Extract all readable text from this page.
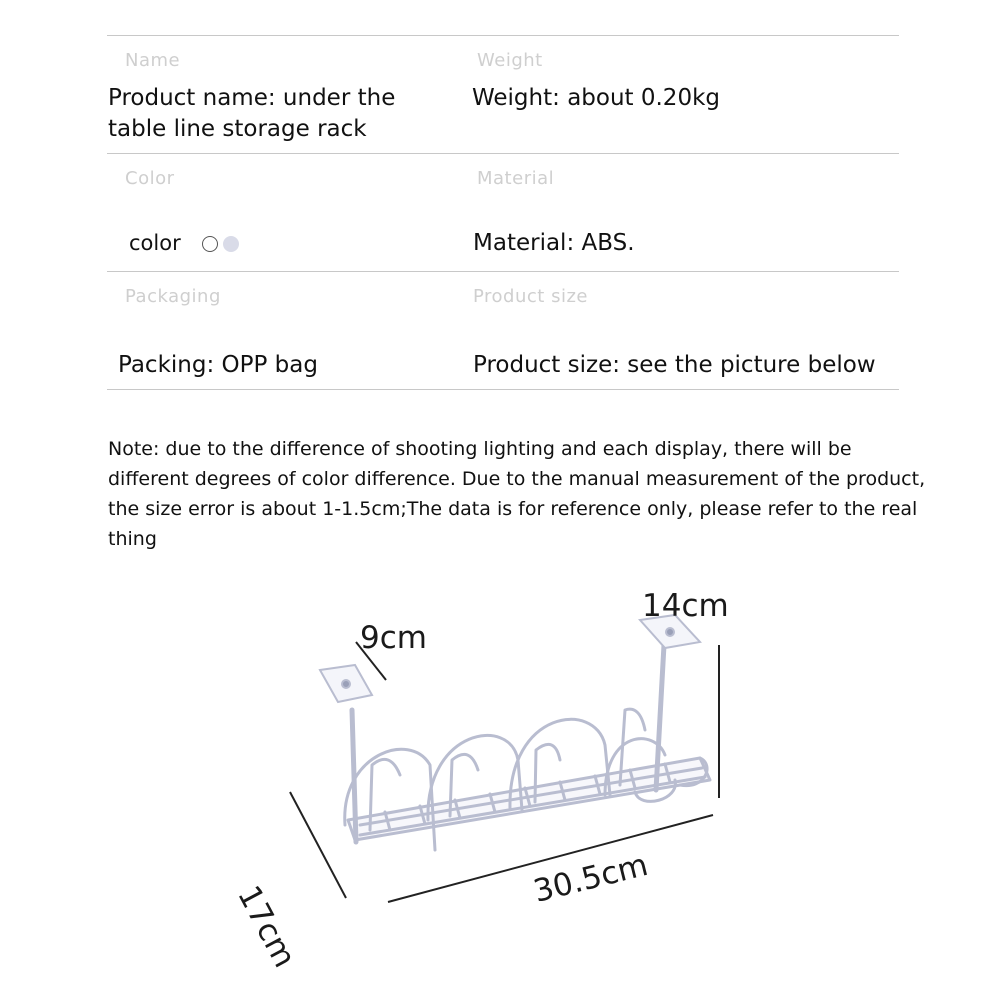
Name	Weight
Product name: under the table line storage rack
Weight: about 0.20kg
Color	Material
color	Material: ABS.
Packaging	Product size
Packing: OPP bag	Product size: see the picture below
Note: due to the difference of shooting lighting and each display, there will be different degrees of color difference. Due to the manual measurement of the product, the size error is about 1-1.5cm;The data is for reference only, please refer to the real thing
9cm
14cm
17cm
30.5cm
